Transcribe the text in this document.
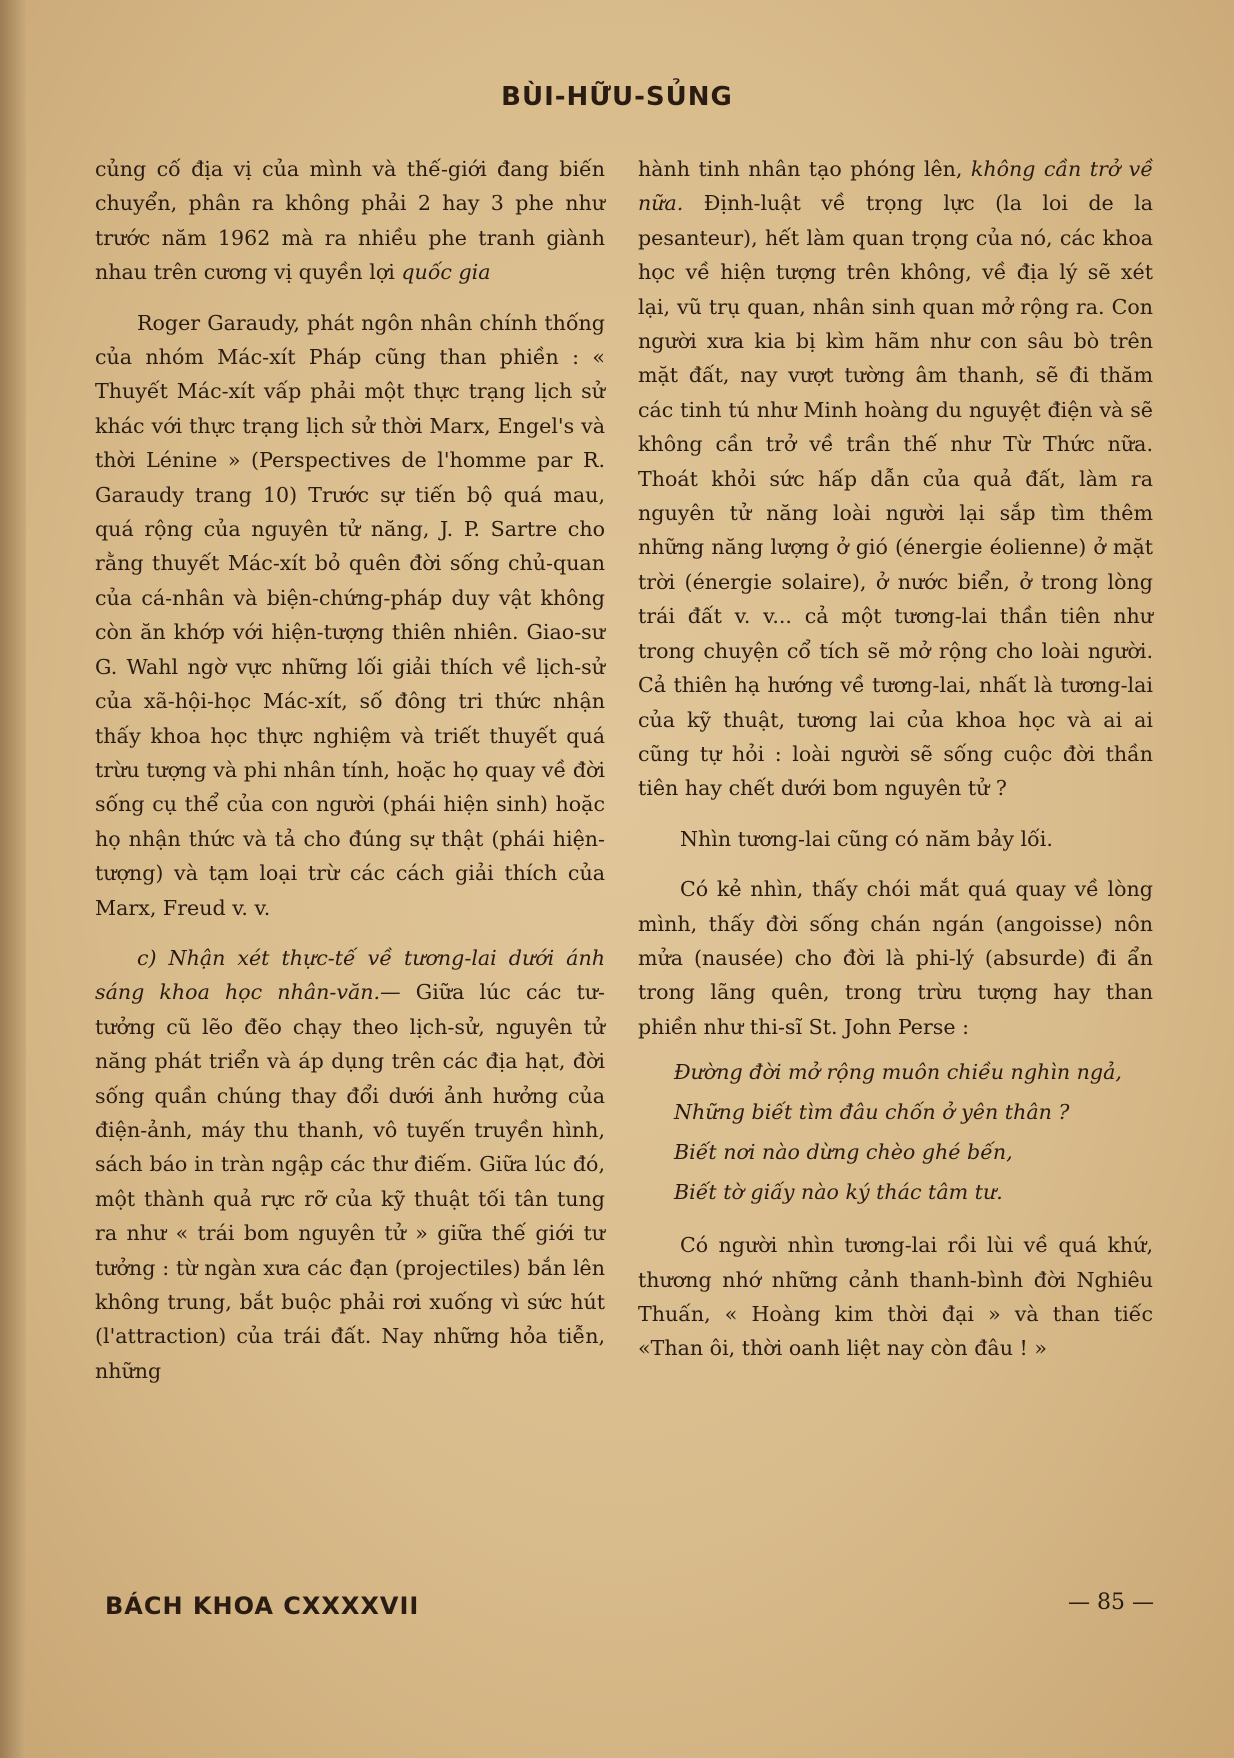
BÙI-HỮU-SỦNG

củng cố địa vị của mình và thế-giới đang biến chuyển, phân ra không phải 2 hay 3 phe như trước năm 1962 mà ra nhiều phe tranh giành nhau trên cương vị quyền lợi quốc gia

Roger Garaudy, phát ngôn nhân chính thống của nhóm Mác-xít Pháp cũng than phiền : « Thuyết Mác-xít vấp phải một thực trạng lịch sử khác với thực trạng lịch sử thời Marx, Engel's và thời Lénine » (Perspectives de l'homme par R. Garaudy trang 10) Trước sự tiến bộ quá mau, quá rộng của nguyên tử năng, J. P. Sartre cho rằng thuyết Mác-xít bỏ quên đời sống chủ-quan của cá-nhân và biện-chứng-pháp duy vật không còn ăn khớp với hiện-tượng thiên nhiên. Giao-sư G. Wahl ngờ vực những lối giải thích về lịch-sử của xã-hội-học Mác-xít, số đông tri thức nhận thấy khoa học thực nghiệm và triết thuyết quá trừu tượng và phi nhân tính, hoặc họ quay về đời sống cụ thể của con người (phái hiện sinh) hoặc họ nhận thức và tả cho đúng sự thật (phái hiện-tượng) và tạm loại trừ các cách giải thích của Marx, Freud v. v.

c) Nhận xét thực-tế về tương-lai dưới ánh sáng khoa học nhân-văn.— Giữa lúc các tư-tưởng cũ lẽo đẽo chạy theo lịch-sử, nguyên tử năng phát triển và áp dụng trên các địa hạt, đời sống quần chúng thay đổi dưới ảnh hưởng của điện-ảnh, máy thu thanh, vô tuyến truyền hình, sách báo in tràn ngập các thư điếm. Giữa lúc đó, một thành quả rực rỡ của kỹ thuật tối tân tung ra như « trái bom nguyên tử » giữa thế giới tư tưởng : từ ngàn xưa các đạn (projectiles) bắn lên không trung, bắt buộc phải rơi xuống vì sức hút (l'attraction) của trái đất. Nay những hỏa tiễn, những

hành tinh nhân tạo phóng lên, không cần trở về nữa. Định-luật về trọng lực (la loi de la pesanteur), hết làm quan trọng của nó, các khoa học về hiện tượng trên không, về địa lý sẽ xét lại, vũ trụ quan, nhân sinh quan mở rộng ra. Con người xưa kia bị kìm hãm như con sâu bò trên mặt đất, nay vượt tường âm thanh, sẽ đi thăm các tinh tú như Minh hoàng du nguyệt điện và sẽ không cần trở về trần thế như Từ Thức nữa. Thoát khỏi sức hấp dẫn của quả đất, làm ra nguyên tử năng loài người lại sắp tìm thêm những năng lượng ở gió (énergie éolienne) ở mặt trời (énergie solaire), ở nước biển, ở trong lòng trái đất v. v... cả một tương-lai thần tiên như trong chuyện cổ tích sẽ mở rộng cho loài người. Cả thiên hạ hướng về tương-lai, nhất là tương-lai của kỹ thuật, tương lai của khoa học và ai ai cũng tự hỏi : loài người sẽ sống cuộc đời thần tiên hay chết dưới bom nguyên tử ?

Nhìn tương-lai cũng có năm bảy lối.

Có kẻ nhìn, thấy chói mắt quá quay về lòng mình, thấy đời sống chán ngán (angoisse) nôn mửa (nausée) cho đời là phi-lý (absurde) đi ẩn trong lãng quên, trong trừu tượng hay than phiền như thi-sĩ St. John Perse :

Đường đời mở rộng muôn chiều nghìn ngả,
Những biết tìm đâu chốn ở yên thân ?
Biết nơi nào dừng chèo ghé bến,
Biết tờ giấy nào ký thác tâm tư.

Có người nhìn tương-lai rồi lùi về quá khứ, thương nhớ những cảnh thanh-bình đời Nghiêu Thuấn, « Hoàng kim thời đại » và than tiếc «Than ôi, thời oanh liệt nay còn đâu ! »

BÁCH KHOA CXXXXVII	— 85 —
